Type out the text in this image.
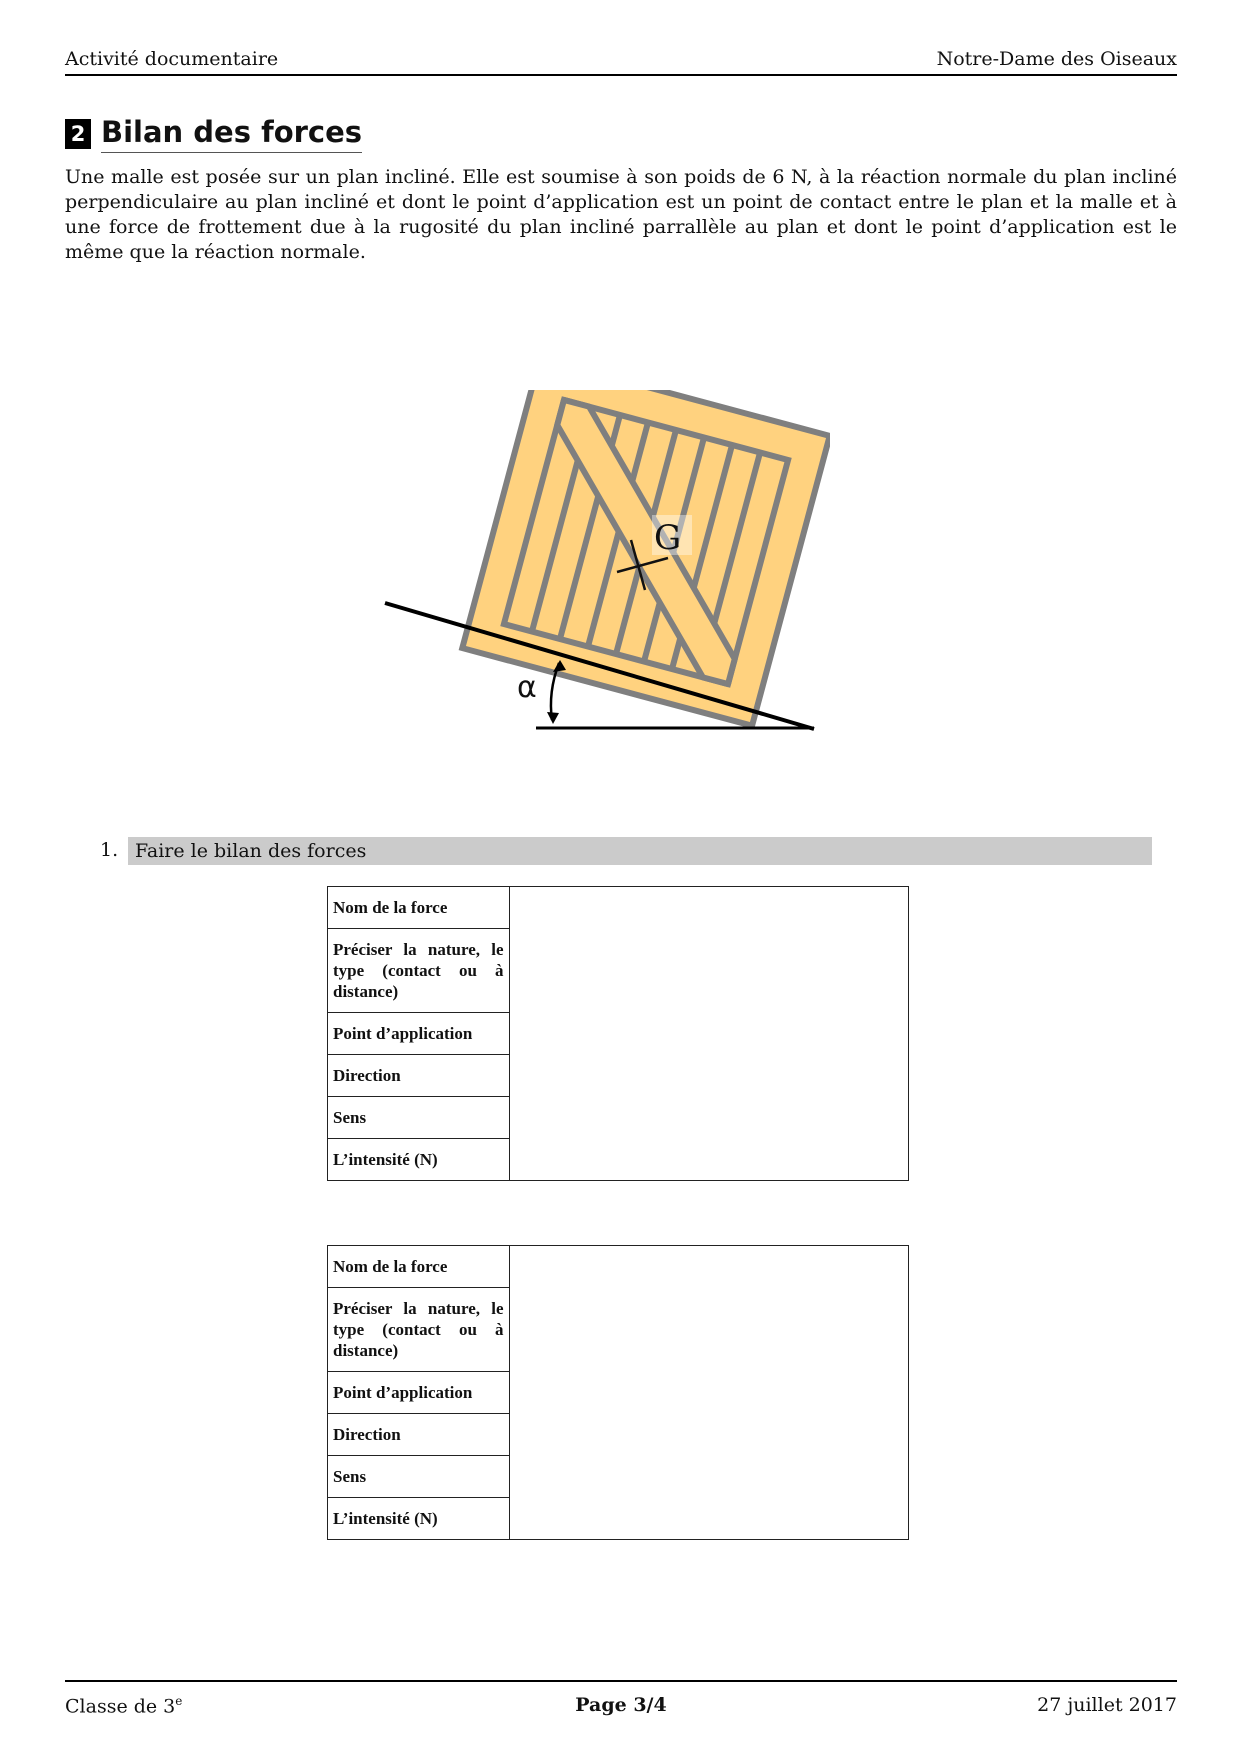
Activité documentaire	Notre-Dame des Oiseaux
2 Bilan des forces

Une malle est posée sur un plan incliné. Elle est soumise à son poids de 6 N, à la réaction normale du plan incliné perpendiculaire au plan incliné et dont le point d’application est un point de contact entre le plan et la malle et à une force de frottement due à la rugosité du plan incliné parrallèle au plan et dont le point d’application est le même que la réaction normale.

G
α
1. Faire le bilan des forces
Nom de la force	
Préciser la nature, le type (contact ou à distance)
Point d’application
Direction
Sens
L’intensité (N)
Nom de la force	
Préciser la nature, le type (contact ou à distance)
Point d’application
Direction
Sens
L’intensité (N)
Classe de 3e	Page 3/4	27 juillet 2017
